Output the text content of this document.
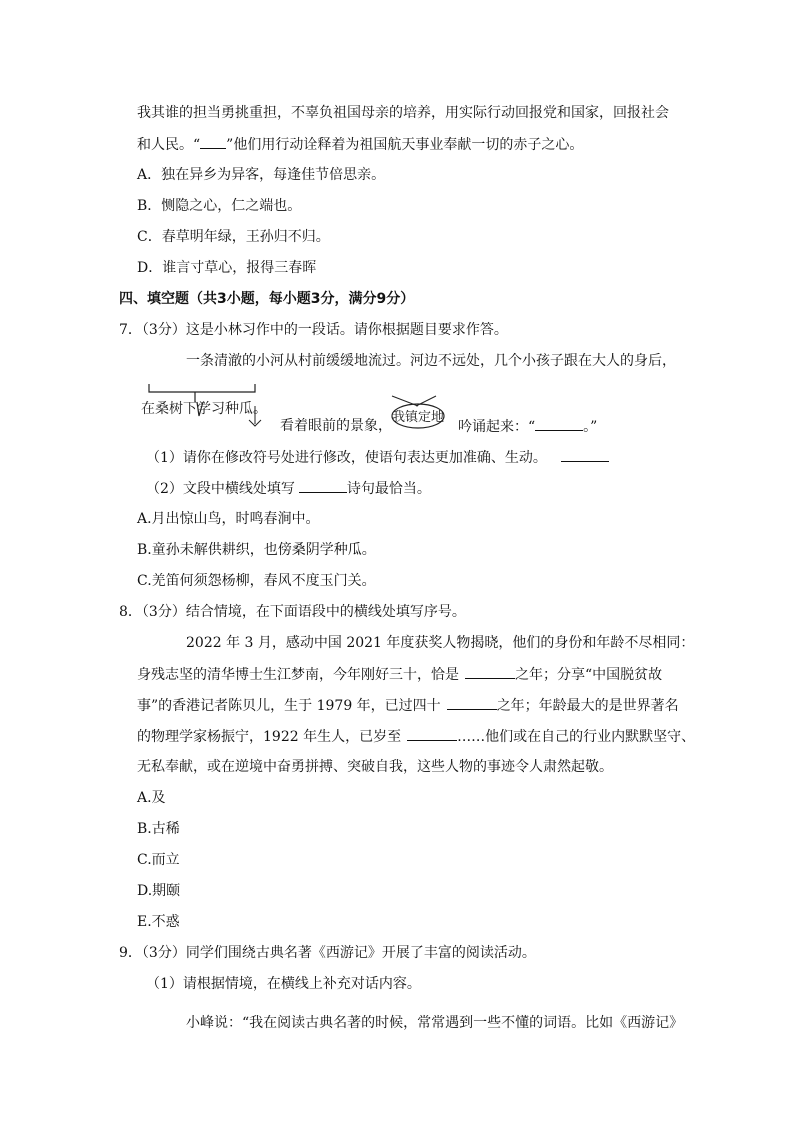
我其谁的担当勇挑重担，不辜负祖国母亲的培养，用实际行动回报党和国家，回报社会
和人民。“ ”他们用行动诠释着为祖国航天事业奉献一切的赤子之心。
A．独在异乡为异客，每逢佳节倍思亲。
B．恻隐之心，仁之端也。
C．春草明年绿，王孙归不归。
D．谁言寸草心，报得三春晖
四、填空题（共3小题，每小题3分，满分9分）
7．（3分）这是小林习作中的一段话。请你根据题目要求作答。
一条清澈的小河从村前缓缓地流过。河边不远处，几个小孩子跟在大人的身后，
在桑树下学习种瓜。
看着眼前的景象，
我镇定地
吟诵起来：“	。”
（1）请你在修改符号处进行修改，使语句表达更加准确、生动。
（2）文段中横线处填写	诗句最恰当。
A.月出惊山鸟，时鸣春涧中。
B.童孙未解供耕织，也傍桑阴学种瓜。
C.羌笛何须怨杨柳，春风不度玉门关。
8．（3分）结合情境，在下面语段中的横线处填写序号。
2022 年 3 月，感动中国 2021 年度获奖人物揭晓，他们的身份和年龄不尽相同：
身残志坚的清华博士生江梦南，今年刚好三十，恰是	之年；分享“中国脱贫故
事”的香港记者陈贝儿，生于 1979 年，已过四十	之年；年龄最大的是世界著名
的物理学家杨振宁，1922 年生人，已岁至	……他们或在自己的行业内默默坚守、
无私奉献，或在逆境中奋勇拼搏、突破自我，这些人物的事迹令人肃然起敬。
A.及
B.古稀
C.而立
D.期颐
E.不惑
9．（3分）同学们围绕古典名著《西游记》开展了丰富的阅读活动。
（1）请根据情境，在横线上补充对话内容。
小峰说：“我在阅读古典名著的时候，常常遇到一些不懂的词语。比如《西游记》
